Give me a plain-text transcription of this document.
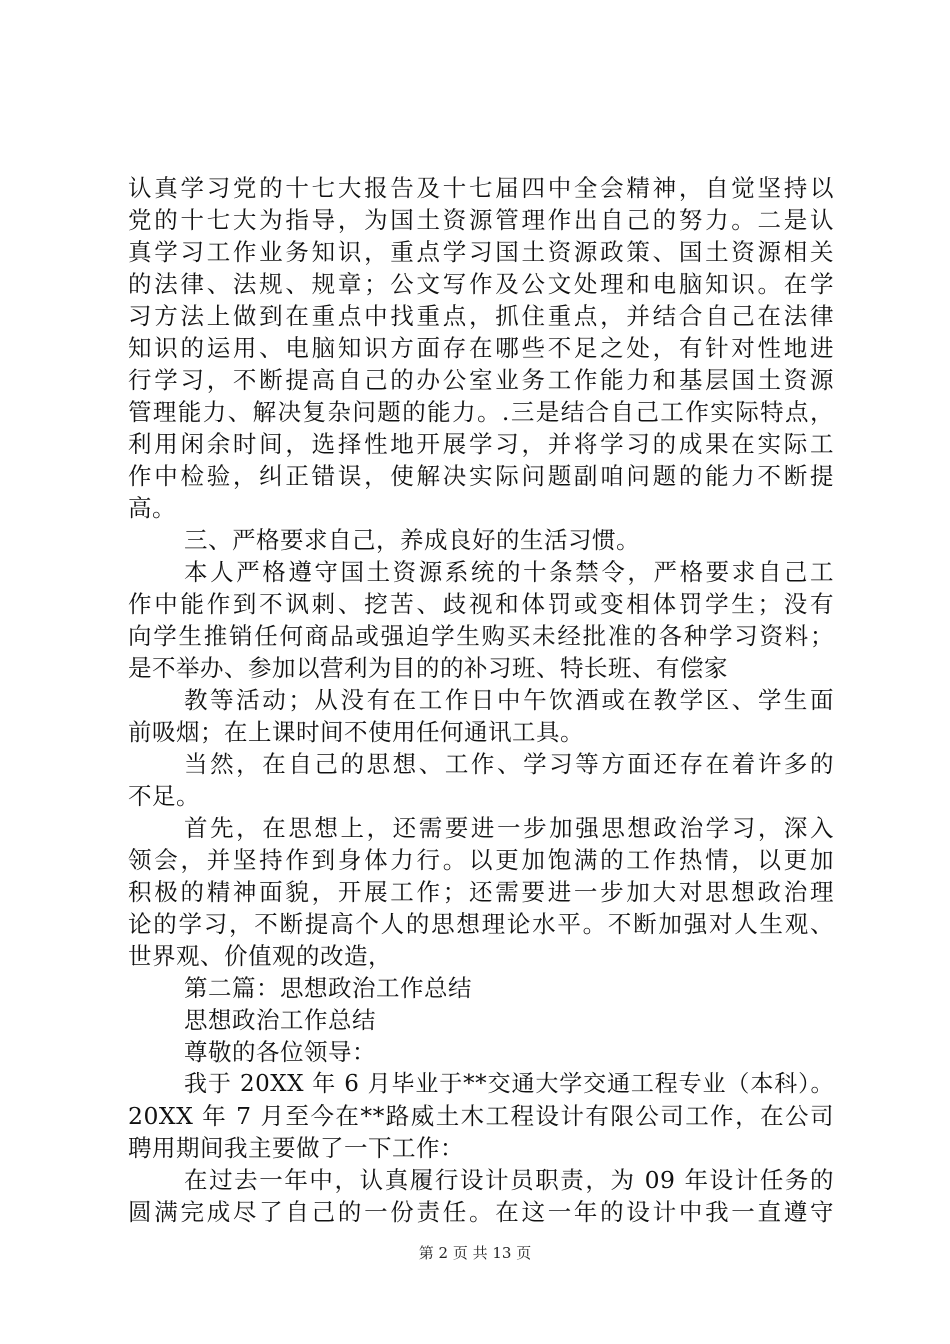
认真学习党的十七大报告及十七届四中全会精神，自觉坚持以
党的十七大为指导，为国土资源管理作出自己的努力。二是认
真学习工作业务知识，重点学习国土资源政策、国土资源相关
的法律、法规、规章；公文写作及公文处理和电脑知识。在学
习方法上做到在重点中找重点，抓住重点，并结合自己在法律
知识的运用、电脑知识方面存在哪些不足之处，有针对性地进
行学习，不断提高自己的办公室业务工作能力和基层国土资源
管理能力、解决复杂问题的能力。.三是结合自己工作实际特点，
利用闲余时间，选择性地开展学习，并将学习的成果在实际工
作中检验，纠正错误，使解决实际问题副咱问题的能力不断提
高。
三、严格要求自己，养成良好的生活习惯。
本人严格遵守国土资源系统的十条禁令，严格要求自己工
作中能作到不讽刺、挖苦、歧视和体罚或变相体罚学生；没有
向学生推销任何商品或强迫学生购买未经批准的各种学习资料；
是不举办、参加以营利为目的的补习班、特长班、有偿家
教等活动；从没有在工作日中午饮酒或在教学区、学生面
前吸烟；在上课时间不使用任何通讯工具。
当然，在自己的思想、工作、学习等方面还存在着许多的
不足。
首先，在思想上，还需要进一步加强思想政治学习，深入
领会，并坚持作到身体力行。以更加饱满的工作热情，以更加
积极的精神面貌，开展工作；还需要进一步加大对思想政治理
论的学习，不断提高个人的思想理论水平。不断加强对人生观、
世界观、价值观的改造，
第二篇：思想政治工作总结
思想政治工作总结
尊敬的各位领导：
我于 20XX 年 6 月毕业于**交通大学交通工程专业（本科）。
20XX 年 7 月至今在**路威土木工程设计有限公司工作，在公司
聘用期间我主要做了一下工作：
在过去一年中，认真履行设计员职责，为 09 年设计任务的
圆满完成尽了自己的一份责任。在这一年的设计中我一直遵守
第 2 页 共 13 页
